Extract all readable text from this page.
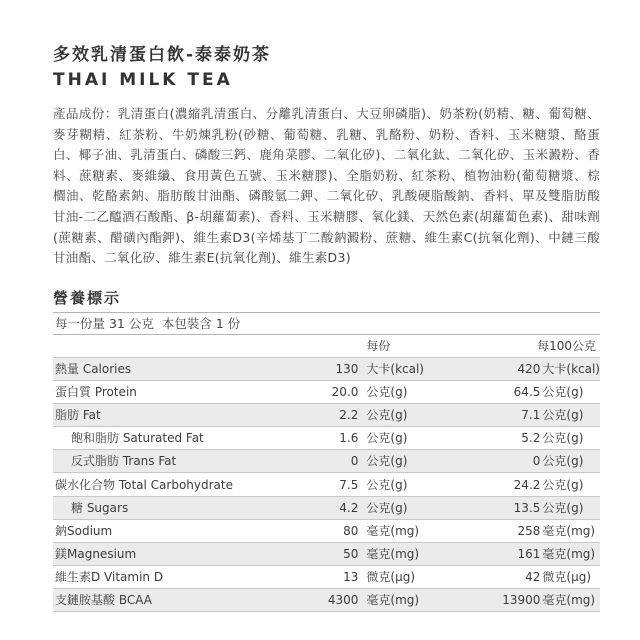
多效乳清蛋白飲-泰泰奶茶
THAI MILK TEA
產品成份：乳清蛋白(濃縮乳清蛋白、分離乳清蛋白、大豆卵磷脂)、奶茶粉(奶精、糖、葡萄糖、麥芽糊精、紅茶粉、牛奶煉乳粉(砂糖、葡萄糖、乳糖、乳酪粉、奶粉、香料、玉米糖漿、酪蛋白、椰子油、乳清蛋白、磷酸三鈣、鹿角菜膠、二氧化矽)、二氧化鈦、二氧化矽、玉米澱粉、香料、蔗糖素、麥維纖、食用黃色五號、玉米糖膠)、全脂奶粉、紅茶粉、植物油粉(葡萄糖漿、棕櫚油、乾酪素鈉、脂肪酸甘油酯、磷酸氫二鉀、二氧化矽、乳酸硬脂酸鈉、香料、單及雙脂肪酸甘油-二乙醯酒石酸酯、β-胡蘿蔔素)、香料、玉米糖膠、氧化鎂、天然色素(胡蘿蔔色素)、甜味劑(蔗糖素、醋磺內酯鉀)、維生素D3(辛烯基丁二酸鈉澱粉、蔗糖、維生素C(抗氧化劑)、中鏈三酸甘油酯、二氧化矽、維生素E(抗氧化劑)、維生素D3)
營養標示
每一份量 31 公克 本包裝含 1 份
		每份	每100公克	
熱量 Calories	130	大卡(kcal)	420	大卡(kcal)
蛋白質 Protein	20.0	公克(g)	64.5	公克(g)
脂肪 Fat	2.2	公克(g)	7.1	公克(g)
飽和脂肪 Saturated Fat	1.6	公克(g)	5.2	公克(g)
反式脂肪 Trans Fat	0	公克(g)	0	公克(g)
碳水化合物 Total Carbohydrate	7.5	公克(g)	24.2	公克(g)
糖 Sugars	4.2	公克(g)	13.5	公克(g)
鈉Sodium	80	毫克(mg)	258	毫克(mg)
鎂Magnesium	50	毫克(mg)	161	毫克(mg)
維生素D Vitamin D	13	微克(μg)	42	微克(μg)
支鏈胺基酸 BCAA	4300	毫克(mg)	13900	毫克(mg)
